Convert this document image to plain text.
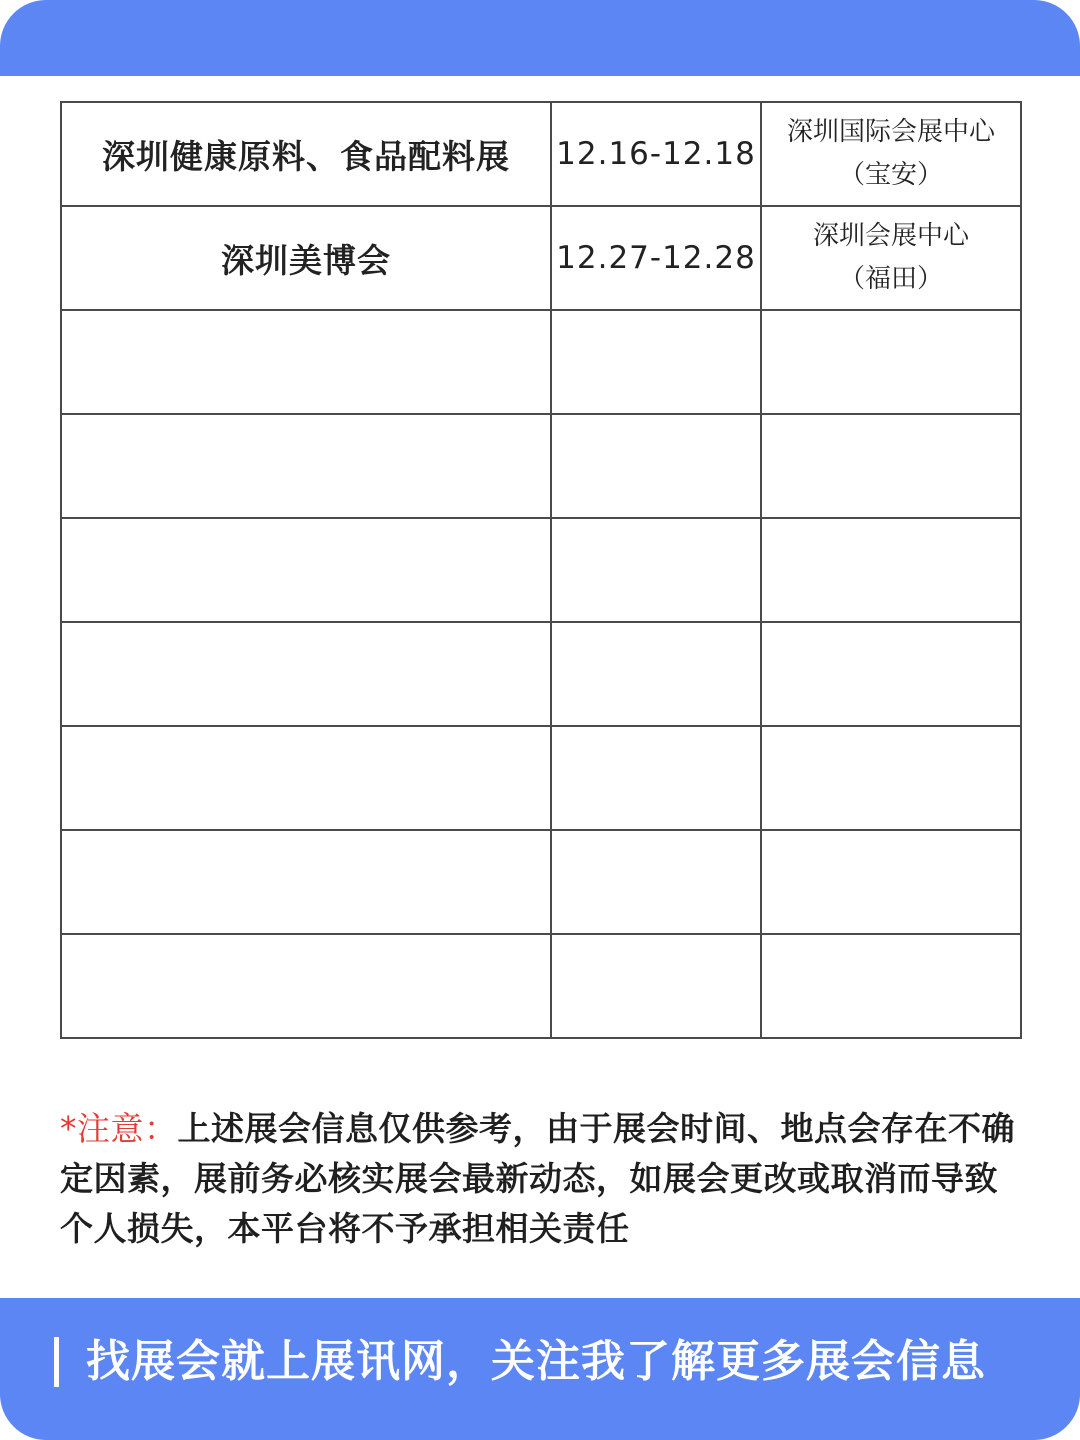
深圳健康原料、食品配料展	12.16-12.18	深圳国际会展中心
（宝安）

深圳美博会	12.27-12.28	深圳会展中心
（福田）

*注意：上述展会信息仅供参考，由于展会时间、地点会存在不确定因素，展前务必核实展会最新动态，如展会更改或取消而导致个人损失，本平台将不予承担相关责任
找展会就上展讯网，关注我了解更多展会信息
